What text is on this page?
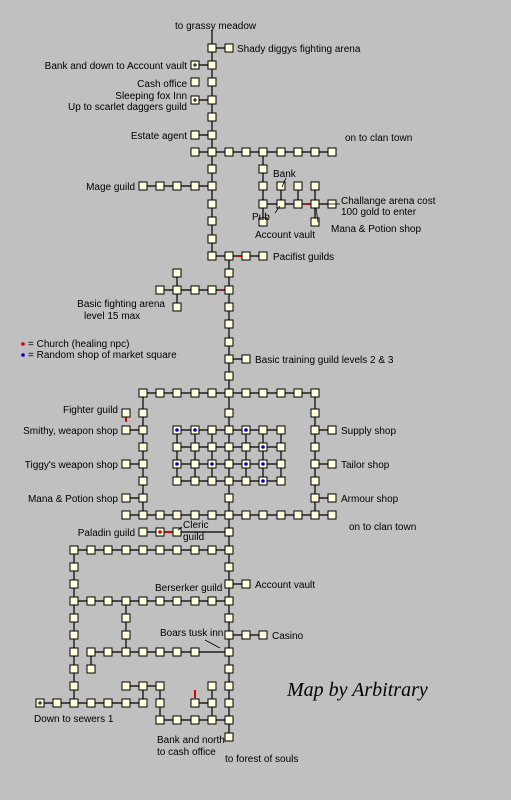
= Church (healing npc)
= Random shop of market square
to grassy meadow
Shady diggys fighting arena
Bank and down to Account vault
Cash office
Sleeping fox Inn
Up to scarlet daggers guild
Estate agent	on to clan town
Bank
Pub
Account vault
Challange arena cost
100 gold to enter
Mana & Potion shop
Mage guild
Pacifist guilds
Basic fighting arena
level 15 max
Basic training guild levels 2 & 3
Fighter guild
Smithy, weapon shop
Tiggy's weapon shop
Mana & Potion shop
Supply shop
Tailor shop
Armour shop
on to clan town
Paladin guild
Cleric
guild
Berserker guild	Account vault
Boars tusk inn	Casino
Down to sewers 1
Bank and north
to cash office
to forest of souls
Map by Arbitrary
